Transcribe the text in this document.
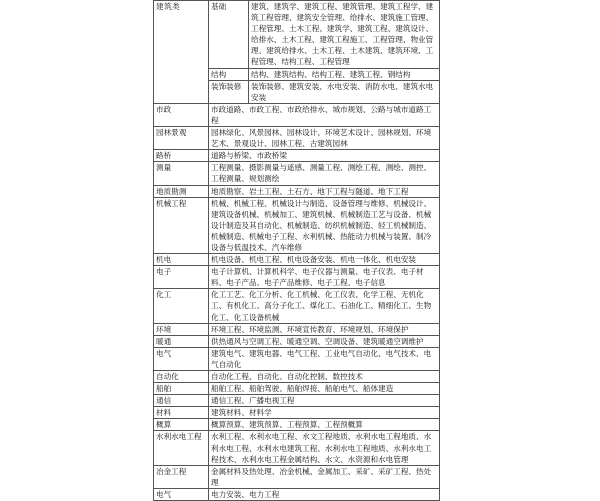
建筑类	基础	建筑、建筑学、建筑工程、建筑管理、建筑工程学、建筑工程管理、建筑安全管理、给排水、建筑施工管理、工程管理、土木工程、建筑学、建筑工程、建筑设计、给排水、土木工程、建筑工程施工、工程管理、物业管理、建筑给排水、土木工程、土木建筑、建筑环境、工程管理、结构工程、工程管理
	结构	结构、建筑结构、结构工程、建筑工程、钢结构
	装饰装修	装饰装修、建筑安装、水电安装、消防水电、建筑水电安装
市政	市政道路、市政工程、市政给排水、城市规划、公路与城市道路工程	
园林景观	园林绿化、风景园林、园林设计、环境艺术设计、园林规划、环境艺术、景观设计、园林工程、古建筑园林	
路桥	道路与桥梁、市政桥梁	
测量	工程测量、摄影测量与遥感、测量工程、测绘工程、测绘、测控、工程测量、规划测绘	
地质勘测	地质勘察、岩土工程、土石方、地下工程与隧道、地下工程	
机械工程	机械、机械工程、机械设计与制造、设备管理与维修、机械设计、建筑设备机械、机械加工、建筑机械、机械制造工艺与设备、机械设计制造及其自动化、机械制造、纺织机械制造、轻工机械制造、机械制造、机械电子工程、水利机械、热能动力机械与装置、制冷设备与低温技术、汽车维修	
机电	机电设备、机电工程、机电设备安装、机电一体化、机电安装	
电子	电子计算机、计算机科学、电子仪器与测量、电子仪表、电子材料、电子产品、电子产品维修、电子工程、电子信息	
化工	化工工艺、化工分析、化工机械、化工仪表、化学工程、无机化工、有机化工、高分子化工、煤化工、石油化工、精细化工、生物化工、化工设备机械	
环境	环境工程、环境监测、环境宣传教育、环境规划、环境保护	
暖通	供热通风与空调工程、暖通空调、空调设备、建筑暖通空调维护	
电气	建筑电气、建筑电器、电气工程、工业电气自动化、电气技术、电气自动化	
自动化	自动化工程、自动化、自动化控制、数控技术	
船舶	船舶工程、船舶驾驶、船舶焊接、船舶电气、船体建造	
通信	通信工程、广播电视工程	
材料	建筑材料、材料学	
概算	概算预算、建筑预算、工程预算、工程预概算	
水利水电工程	水利工程、水利水电工程、水文工程地质、水利水电工程地质、水利水电工程、水利水电建筑工程、水利水电工程地质、水利水电工程技术、水利水电工程金属结构、水文、水资源和水电管理	
冶金工程	金属材料及热处理、冶金机械、金属加工、采矿、采矿工程、热处理	
电气	电力安装、电力工程	
